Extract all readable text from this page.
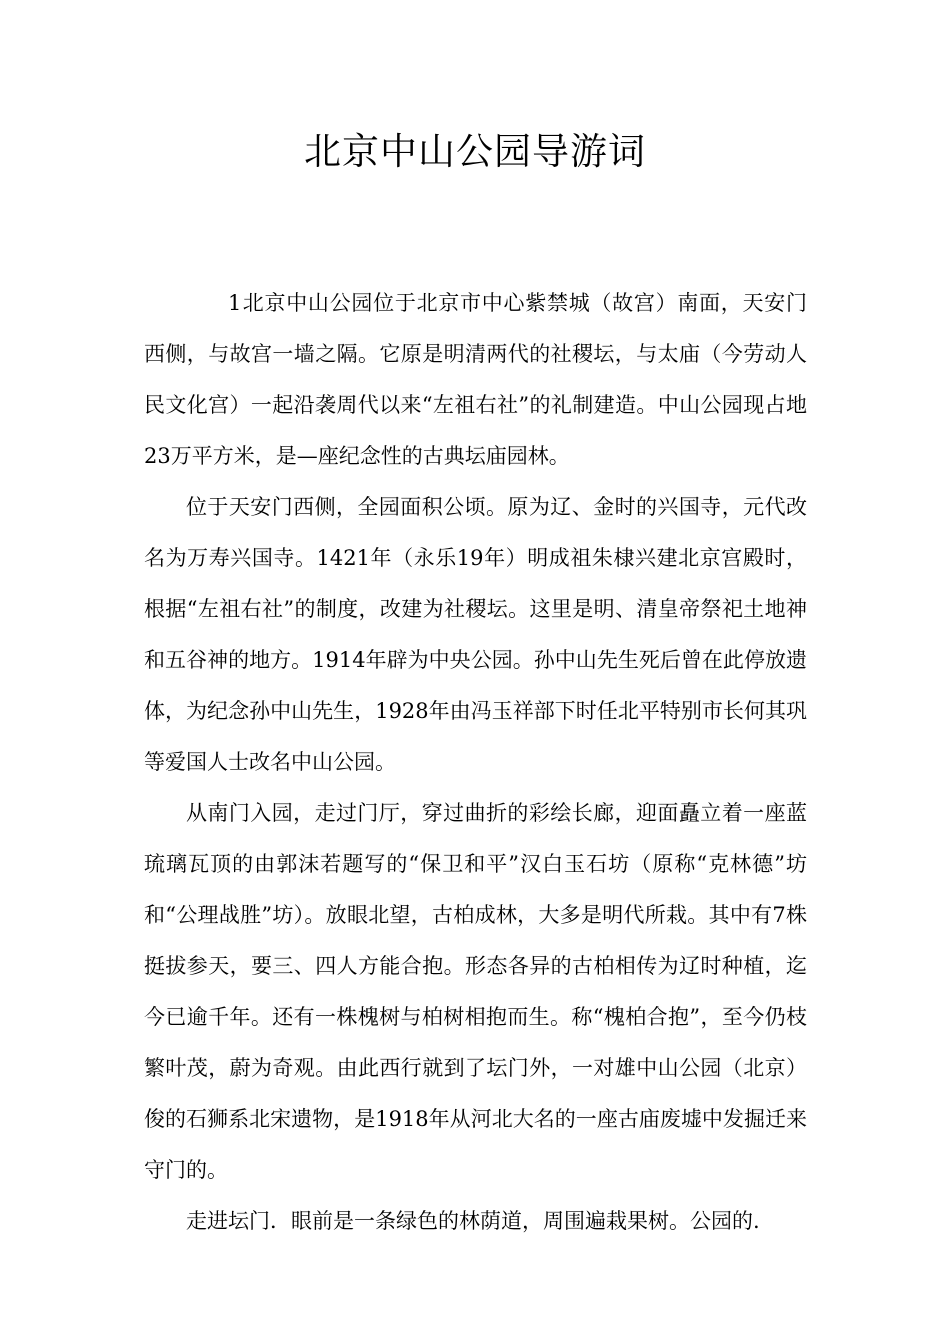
北京中山公园导游词

1北京中山公园位于北京市中心紫禁城（故宫）南面，天安门西侧，与故宫一墙之隔。它原是明清两代的社稷坛，与太庙（今劳动人民文化宫）一起沿袭周代以来“左祖右社”的礼制建造。中山公园现占地23万平方米，是—座纪念性的古典坛庙园林。

位于天安门西侧，全园面积公顷。原为辽、金时的兴国寺，元代改名为万寿兴国寺。1421年（永乐19年）明成祖朱棣兴建北京宫殿时，根据“左祖右社”的制度，改建为社稷坛。这里是明、清皇帝祭祀土地神和五谷神的地方。1914年辟为中央公园。孙中山先生死后曾在此停放遗体，为纪念孙中山先生，1928年由冯玉祥部下时任北平特别市长何其巩等爱国人士改名中山公园。

从南门入园，走过门厅，穿过曲折的彩绘长廊，迎面矗立着一座蓝琉璃瓦顶的由郭沫若题写的“保卫和平”汉白玉石坊（原称“克林德”坊和“公理战胜”坊）。放眼北望，古柏成林，大多是明代所栽。其中有7株挺拔参天，要三、四人方能合抱。形态各异的古柏相传为辽时种植，迄今已逾千年。还有一株槐树与柏树相抱而生。称“槐柏合抱”，至今仍枝繁叶茂，蔚为奇观。由此西行就到了坛门外，一对雄中山公园（北京）俊的石狮系北宋遗物，是1918年从河北大名的一座古庙废墟中发掘迁来守门的。

走进坛门．眼前是一条绿色的林荫道，周围遍栽果树。公园的.
